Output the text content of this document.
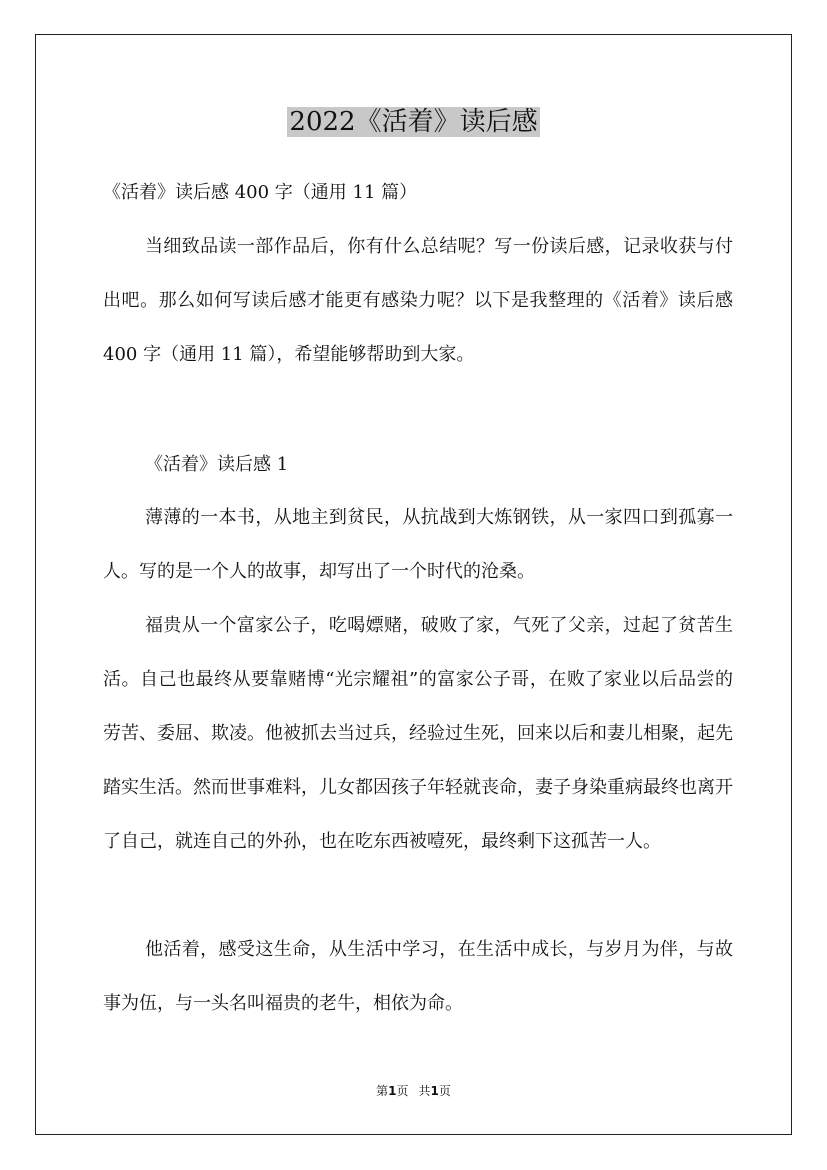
2022《活着》读后感

《活着》读后感 400 字（通用 11 篇）

当细致品读一部作品后，你有什么总结呢？写一份读后感，记录收获与付出吧。那么如何写读后感才能更有感染力呢？以下是我整理的《活着》读后感 400 字（通用 11 篇），希望能够帮助到大家。

《活着》读后感 1

薄薄的一本书，从地主到贫民，从抗战到大炼钢铁，从一家四口到孤寡一人。写的是一个人的故事，却写出了一个时代的沧桑。

福贵从一个富家公子，吃喝嫖赌，破败了家，气死了父亲，过起了贫苦生活。自己也最终从要靠赌博“光宗耀祖”的富家公子哥，在败了家业以后品尝的劳苦、委屈、欺凌。他被抓去当过兵，经验过生死，回来以后和妻儿相聚，起先踏实生活。然而世事难料，儿女都因孩子年轻就丧命，妻子身染重病最终也离开了自己，就连自己的外孙，也在吃东西被噎死，最终剩下这孤苦一人。

他活着，感受这生命，从生活中学习，在生活中成长，与岁月为伴，与故事为伍，与一头名叫福贵的老牛，相依为命。

第1页 共1页
